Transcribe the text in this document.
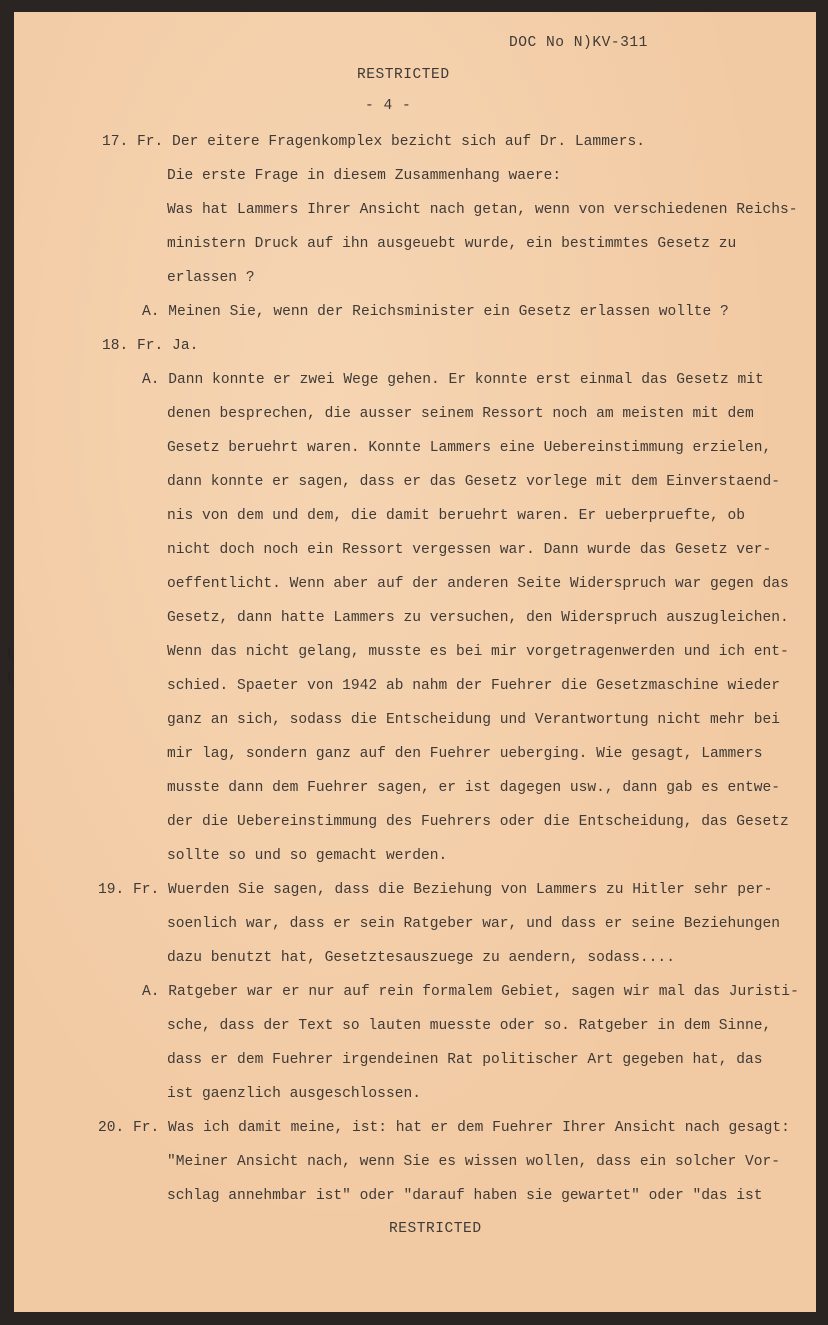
DOC No N)KV-311
RESTRICTED
- 4 -
17. Fr. Der eitere Fragenkomplex bezicht sich auf Dr. Lammers.
Die erste Frage in diesem Zusammenhang waere:
Was hat Lammers Ihrer Ansicht nach getan, wenn von verschiedenen Reichs-
ministern Druck auf ihn ausgeuebt wurde, ein bestimmtes Gesetz zu
erlassen ?
A. Meinen Sie, wenn der Reichsminister ein Gesetz erlassen wollte ?
18. Fr. Ja.
A. Dann konnte er zwei Wege gehen. Er konnte erst einmal das Gesetz mit
denen besprechen, die ausser seinem Ressort noch am meisten mit dem
Gesetz beruehrt waren. Konnte Lammers eine Uebereinstimmung erzielen,
dann konnte er sagen, dass er das Gesetz vorlege mit dem Einverstaend-
nis von dem und dem, die damit beruehrt waren. Er ueberpruefte, ob
nicht doch noch ein Ressort vergessen war. Dann wurde das Gesetz ver-
oeffentlicht. Wenn aber auf der anderen Seite Widerspruch war gegen das
Gesetz, dann hatte Lammers zu versuchen, den Widerspruch auszugleichen.
Wenn das nicht gelang, musste es bei mir vorgetragenwerden und ich ent-
schied. Spaeter von 1942 ab nahm der Fuehrer die Gesetzmaschine wieder
ganz an sich, sodass die Entscheidung und Verantwortung nicht mehr bei
mir lag, sondern ganz auf den Fuehrer ueberging. Wie gesagt, Lammers
musste dann dem Fuehrer sagen, er ist dagegen usw., dann gab es entwe-
der die Uebereinstimmung des Fuehrers oder die Entscheidung, das Gesetz
sollte so und so gemacht werden.
19. Fr. Wuerden Sie sagen, dass die Beziehung von Lammers zu Hitler sehr per-
soenlich war, dass er sein Ratgeber war, und dass er seine Beziehungen
dazu benutzt hat, Gesetztesauszuege zu aendern, sodass....
A. Ratgeber war er nur auf rein formalem Gebiet, sagen wir mal das Juristi-
sche, dass der Text so lauten muesste oder so. Ratgeber in dem Sinne,
dass er dem Fuehrer irgendeinen Rat politischer Art gegeben hat, das
ist gaenzlich ausgeschlossen.
20. Fr. Was ich damit meine, ist: hat er dem Fuehrer Ihrer Ansicht nach gesagt:
"Meiner Ansicht nach, wenn Sie es wissen wollen, dass ein solcher Vor-
schlag annehmbar ist" oder "darauf haben sie gewartet" oder "das ist
RESTRICTED
